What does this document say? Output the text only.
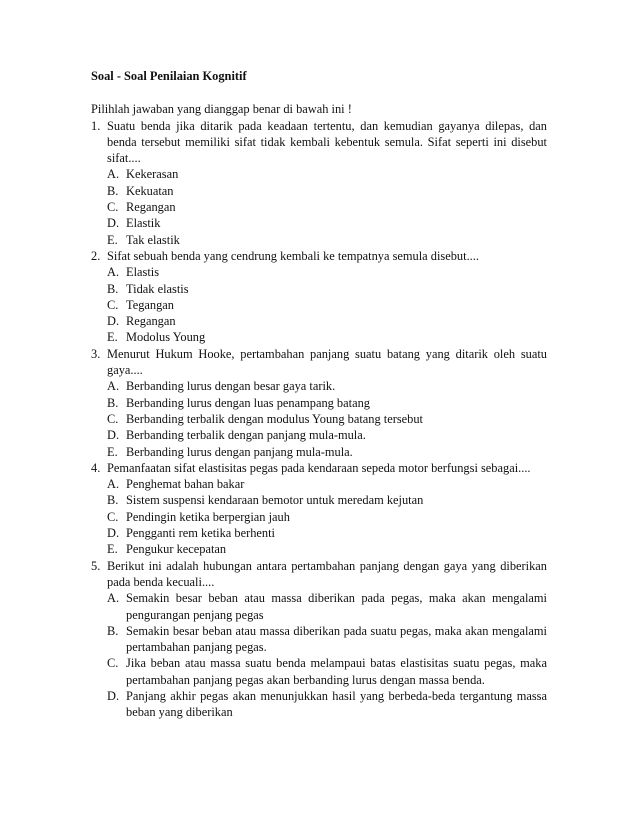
Soal - Soal Penilaian Kognitif
Pilihlah jawaban yang dianggap benar di bawah ini !
1. Suatu benda jika ditarik pada keadaan tertentu, dan kemudian gayanya dilepas, dan benda tersebut memiliki sifat tidak kembali kebentuk semula. Sifat seperti ini disebut sifat....
A. Kekerasan
B. Kekuatan
C. Regangan
D. Elastik
E. Tak elastik
2. Sifat sebuah benda yang cendrung kembali ke tempatnya semula disebut....
A. Elastis
B. Tidak elastis
C. Tegangan
D. Regangan
E. Modolus Young
3. Menurut Hukum Hooke, pertambahan panjang suatu batang yang ditarik oleh suatu gaya....
A. Berbanding lurus dengan besar gaya tarik.
B. Berbanding lurus dengan luas penampang batang
C. Berbanding terbalik dengan modulus Young batang tersebut
D. Berbanding terbalik dengan panjang mula-mula.
E. Berbanding lurus dengan panjang mula-mula.
4. Pemanfaatan sifat elastisitas pegas pada kendaraan sepeda motor berfungsi sebagai....
A. Penghemat bahan bakar
B. Sistem suspensi kendaraan bemotor untuk meredam kejutan
C. Pendingin ketika berpergian jauh
D. Pengganti rem ketika berhenti
E. Pengukur kecepatan
5. Berikut ini adalah hubungan antara pertambahan panjang dengan gaya yang diberikan pada benda kecuali....
A. Semakin besar beban atau massa diberikan pada pegas, maka akan mengalami pengurangan penjang pegas
B. Semakin besar beban atau massa diberikan pada suatu pegas, maka akan mengalami pertambahan panjang pegas.
C. Jika beban atau massa suatu benda melampaui batas elastisitas suatu pegas, maka pertambahan panjang pegas akan berbanding lurus dengan massa benda.
D. Panjang akhir pegas akan menunjukkan hasil yang berbeda-beda tergantung massa beban yang diberikan
